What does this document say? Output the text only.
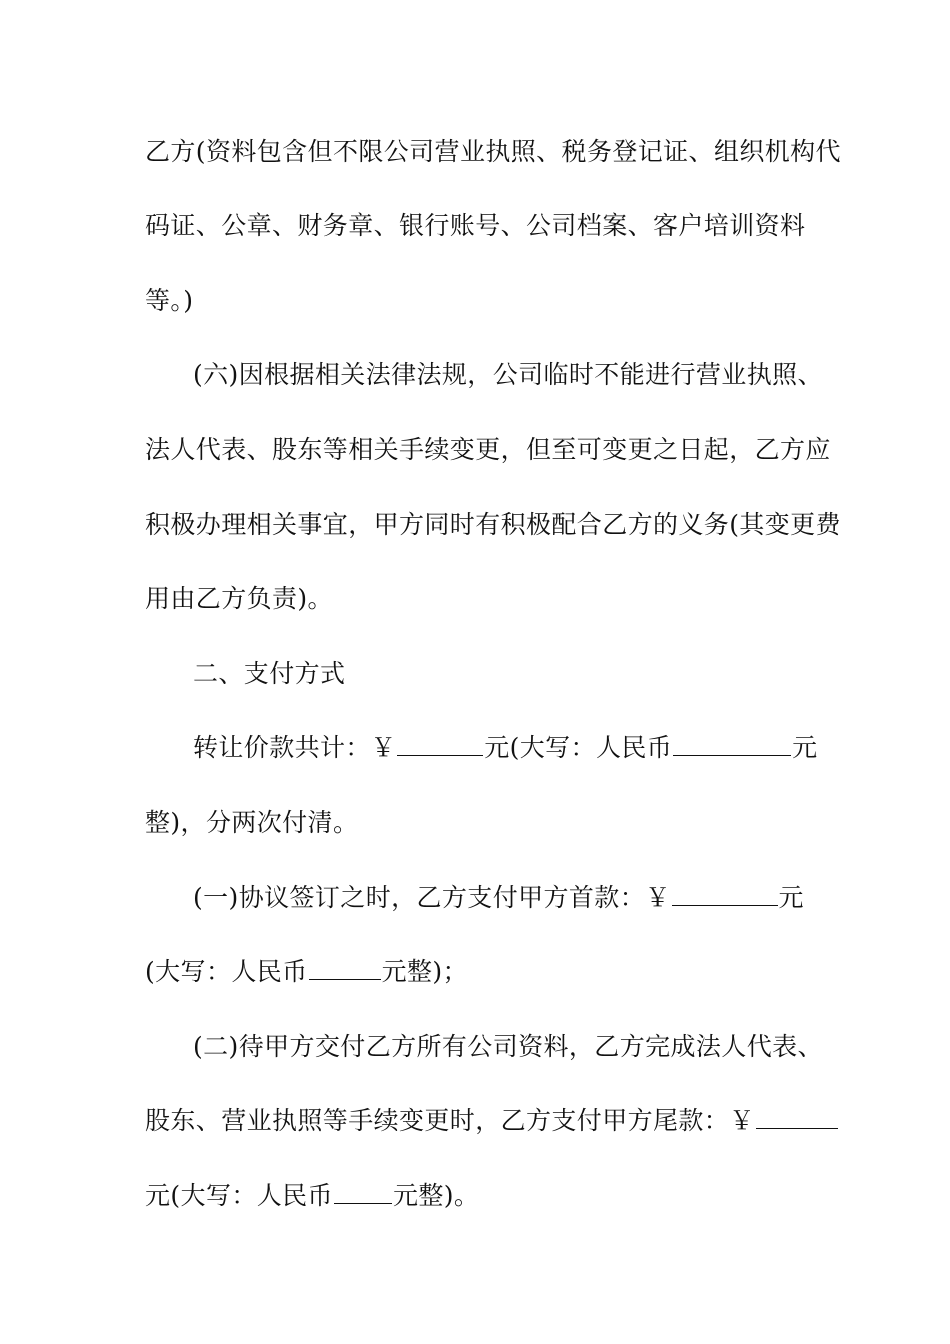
乙方(资料包含但不限公司营业执照、税务登记证、组织机构代
码证、公章、财务章、银行账号、公司档案、客户培训资料
等。)
(六)因根据相关法律法规，公司临时不能进行营业执照、
法人代表、股东等相关手续变更，但至可变更之日起，乙方应
积极办理相关事宜，甲方同时有积极配合乙方的义务(其变更费
用由乙方负责)。
二、支付方式
转让价款共计：￥	元(大写：人民币	元
整)，分两次付清。
(一)协议签订之时，乙方支付甲方首款：￥	元
(大写：人民币	元整)；
(二)待甲方交付乙方所有公司资料，乙方完成法人代表、
股东、营业执照等手续变更时，乙方支付甲方尾款：￥
元(大写：人民币 元整)。
